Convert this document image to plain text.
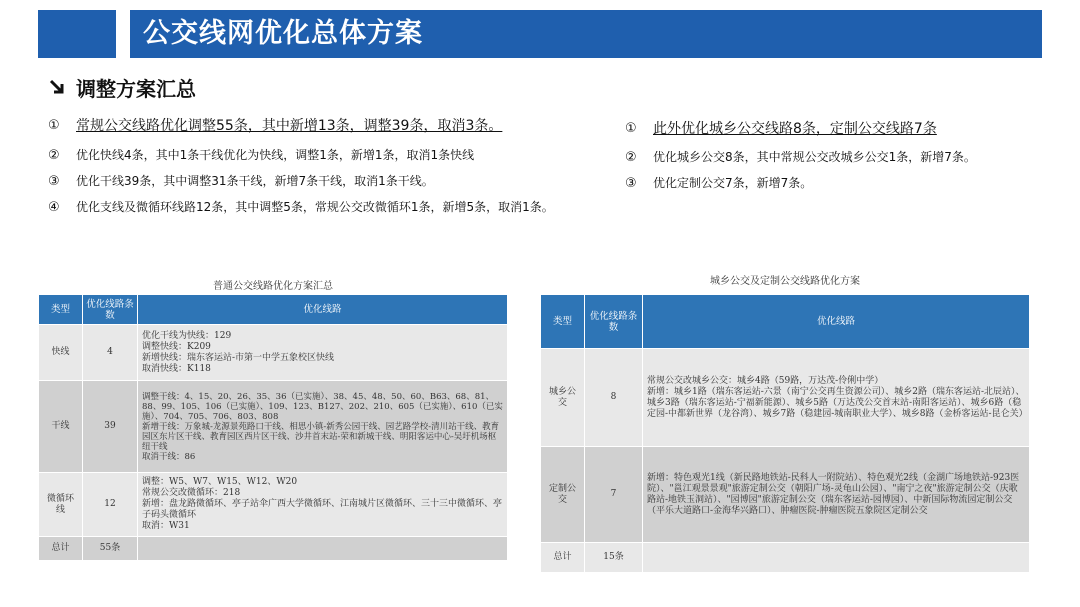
公交线网优化总体方案
调整方案汇总
①	常规公交线路优化调整55条，其中新增13条，调整39条，取消3条。
②	优化快线4条，其中1条干线优化为快线，调整1条，新增1条，取消1条快线
③	优化干线39条，其中调整31条干线，新增7条干线，取消1条干线。
④	优化支线及微循环线路12条，其中调整5条，常规公交改微循环1条，新增5条，取消1条。
①	此外优化城乡公交线路8条，定制公交线路7条
②	优化城乡公交8条，其中常规公交改城乡公交1条，新增7条。
③	优化定制公交7条，新增7条。
普通公交线路优化方案汇总
类型	优化线路条数	优化线路
快线	4	优化干线为快线：129
调整快线：K209
新增快线：瑞东客运站-市第一中学五象校区快线
取消快线：K118
干线	39	调整干线：4、15、20、26、35、36（已实施）、38、45、48、50、60、B63、68、81、88、99、105、106（已实施）、109、123、B127、202、210、605（已实施）、610（已实施）、704、705、706、803、808
新增干线：万象城-龙源景苑路口干线、相思小镇-新秀公园干线、园艺路学校-清川站干线、教育园区东片区干线、教育园区西片区干线、沙井首末站-荣和新城干线、明阳客运中心-吴圩机场枢纽干线
取消干线：86
微循环线	12	调整：W5、W7、W15、W12、W20
常规公交改微循环：218
新增：盘龙路微循环、亭子站伞广西大学微循环、江南城片区微循环、三十三中微循环、亭子码头微循环
取消：W31
总计	55条	
城乡公交及定制公交线路优化方案
类型	优化线路条数	优化线路
城乡公交	8	常规公交改城乡公交：城乡4路（59路，万达茂-伶俐中学）
新增：城乡1路（瑞东客运站-六景（南宁公交再生资源公司）、城乡2路（瑞东客运站-北辰站）、城乡3路（瑞东客运站-宁福新能源）、城乡5路（万达茂公交首末站-南阳客运站）、城乡6路（稳定园-中都新世界（龙谷湾）、城乡7路（稳建园-城南职业大学）、城乡8路（金桥客运站-昆仑关）
定制公交	7	新增：特色观光1线（新民路地铁站-民科人一附院站）、特色观光2线（金湖广场地铁站-923医院）、"邕江观景景观"旅游定制公交（朝阳广场-灵龟山公园）、"南宁之夜"旅游定制公交（庆歌路站-地铁玉洞站）、"园博园"旅游定制公交（瑞东客运站-园博园）、中新国际物流园定制公交（平乐大道路口-金海华兴路口）、肿瘤医院-肿瘤医院五象院区定制公交
总计	15条	
